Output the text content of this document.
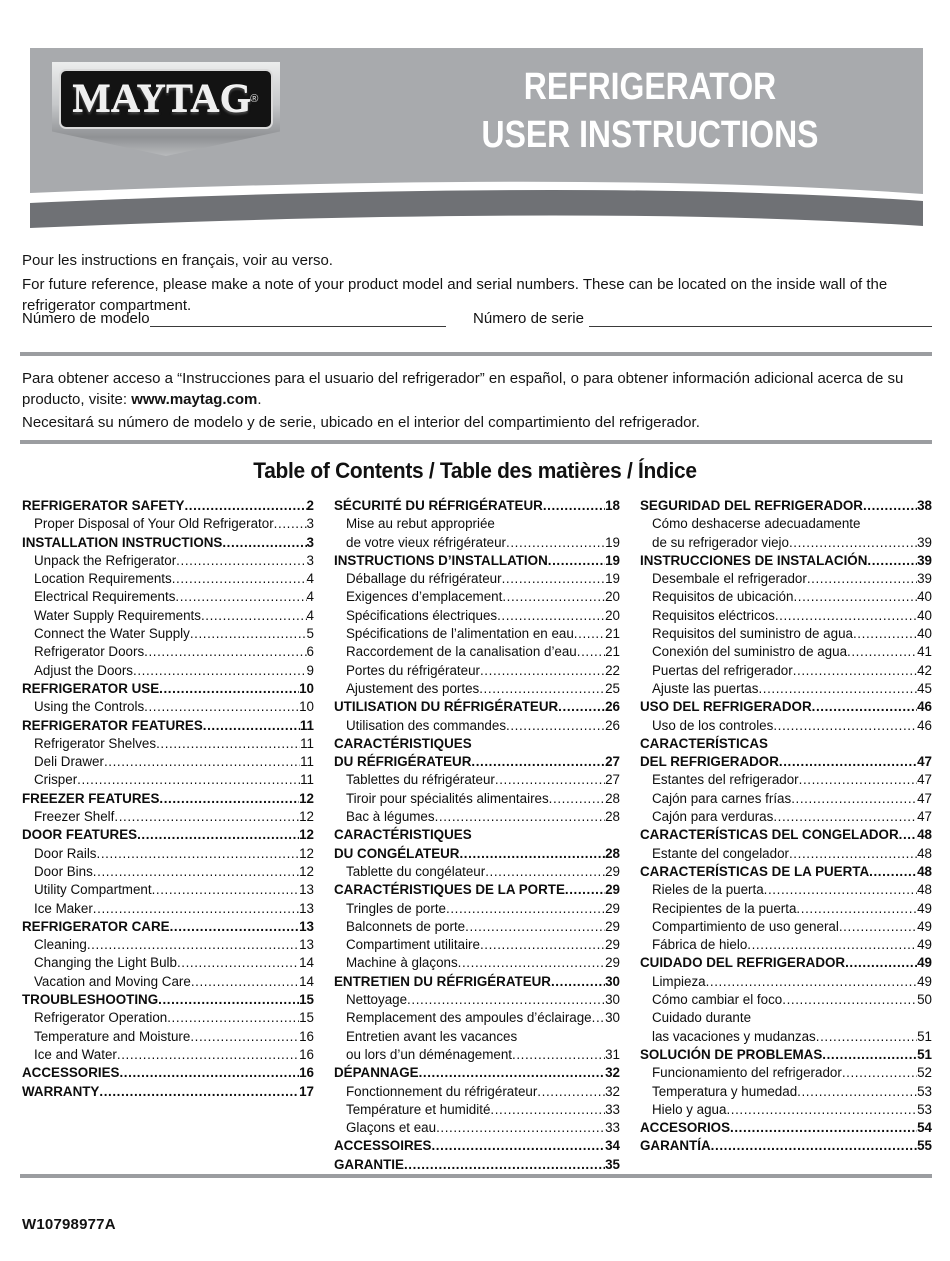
MAYTAG ®	REFRIGERATOR
USER INSTRUCTIONS
Pour les instructions en français, voir au verso.
For future reference, please make a note of your product model and serial numbers. These can be located on the inside wall of the refrigerator compartment.
Número de modelo	Número de serie
Para obtener acceso a “Instrucciones para el usuario del refrigerador” en español, o para obtener información adicional acerca de su producto, visite: www.maytag.com.
Necesitará su número de modelo y de serie, ubicado en el interior del compartimiento del refrigerador.
Table of Contents / Table des matières / Índice
REFRIGERATOR SAFETY .....	2
Proper Disposal of Your Old Refrigerator ..... 3
INSTALLATION INSTRUCTIONS .....	3
Unpack the Refrigerator .....	3
Location Requirements .....	4
Electrical Requirements .....	4
Water Supply Requirements .....	4
Connect the Water Supply .....	5
Refrigerator Doors .....	6
Adjust the Doors .....	9
REFRIGERATOR USE .....	10
Using the Controls .....	10
REFRIGERATOR FEATURES .....	11
Refrigerator Shelves .....	11
Deli Drawer .....	11
Crisper .....	11
FREEZER FEATURES .....	12
Freezer Shelf .....	12
DOOR FEATURES .....	12
Door Rails .....	12
Door Bins .....	12
Utility Compartment .....	13
Ice Maker .....	13
REFRIGERATOR CARE .....	13
Cleaning .....	13
Changing the Light Bulb .....	14
Vacation and Moving Care .....	14
TROUBLESHOOTING .....	15
Refrigerator Operation .....	15
Temperature and Moisture .....	16
Ice and Water .....	16
ACCESSORIES .....	16
WARRANTY .....	17
SÉCURITÉ DU RÉFRIGÉRATEUR .....	18
Mise au rebut appropriée
de votre vieux réfrigérateur .....	19
INSTRUCTIONS D’INSTALLATION .....	19
Déballage du réfrigérateur .....	19
Exigences d’emplacement .....	20
Spécifications électriques .....	20
Spécifications de l’alimentation en eau ..... 21
Raccordement de la canalisation d’eau ..... 21
Portes du réfrigérateur .....	22
Ajustement des portes .....	25
UTILISATION DU RÉFRIGÉRATEUR .....	26
Utilisation des commandes .....	26
CARACTÉRISTIQUES
DU RÉFRIGÉRATEUR .....	27
Tablettes du réfrigérateur .....	27
Tiroir pour spécialités alimentaires .....	28
Bac à légumes .....	28
CARACTÉRISTIQUES
DU CONGÉLATEUR .....	28
Tablette du congélateur .....	29
CARACTÉRISTIQUES DE LA PORTE .....	29
Tringles de porte .....	29
Balconnets de porte .....	29
Compartiment utilitaire .....	29
Machine à glaçons .....	29
ENTRETIEN DU RÉFRIGÉRATEUR .....	30
Nettoyage .....	30
Remplacement des ampoules d’éclairage ..... 30
Entretien avant les vacances
ou lors d’un déménagement .....	31
DÉPANNAGE .....	32
Fonctionnement du réfrigérateur .....	32
Température et humidité .....	33
Glaçons et eau .....	33
ACCESSOIRES .....	34
GARANTIE .....	35
SEGURIDAD DEL REFRIGERADOR .....	38
Cómo deshacerse adecuadamente
de su refrigerador viejo .....	39
INSTRUCCIONES DE INSTALACIÓN .....	39
Desembale el refrigerador .....	39
Requisitos de ubicación .....	40
Requisitos eléctricos .....	40
Requisitos del suministro de agua .....	40
Conexión del suministro de agua .....	41
Puertas del refrigerador .....	42
Ajuste las puertas .....	45
USO DEL REFRIGERADOR .....	46
Uso de los controles .....	46
CARACTERÍSTICAS
DEL REFRIGERADOR .....	47
Estantes del refrigerador .....	47
Cajón para carnes frías .....	47
Cajón para verduras .....	47
CARACTERÍSTICAS DEL CONGELADOR ..... 48
Estante del congelador .....	48
CARACTERÍSTICAS DE LA PUERTA .....	48
Rieles de la puerta .....	48
Recipientes de la puerta .....	49
Compartimiento de uso general .....	49
Fábrica de hielo .....	49
CUIDADO DEL REFRIGERADOR .....	49
Limpieza .....	49
Cómo cambiar el foco .....	50
Cuidado durante
las vacaciones y mudanzas .....	51
SOLUCIÓN DE PROBLEMAS .....	51
Funcionamiento del refrigerador .....	52
Temperatura y humedad .....	53
Hielo y agua .....	53
ACCESORIOS .....	54
GARANTÍA .....	55
W10798977A
